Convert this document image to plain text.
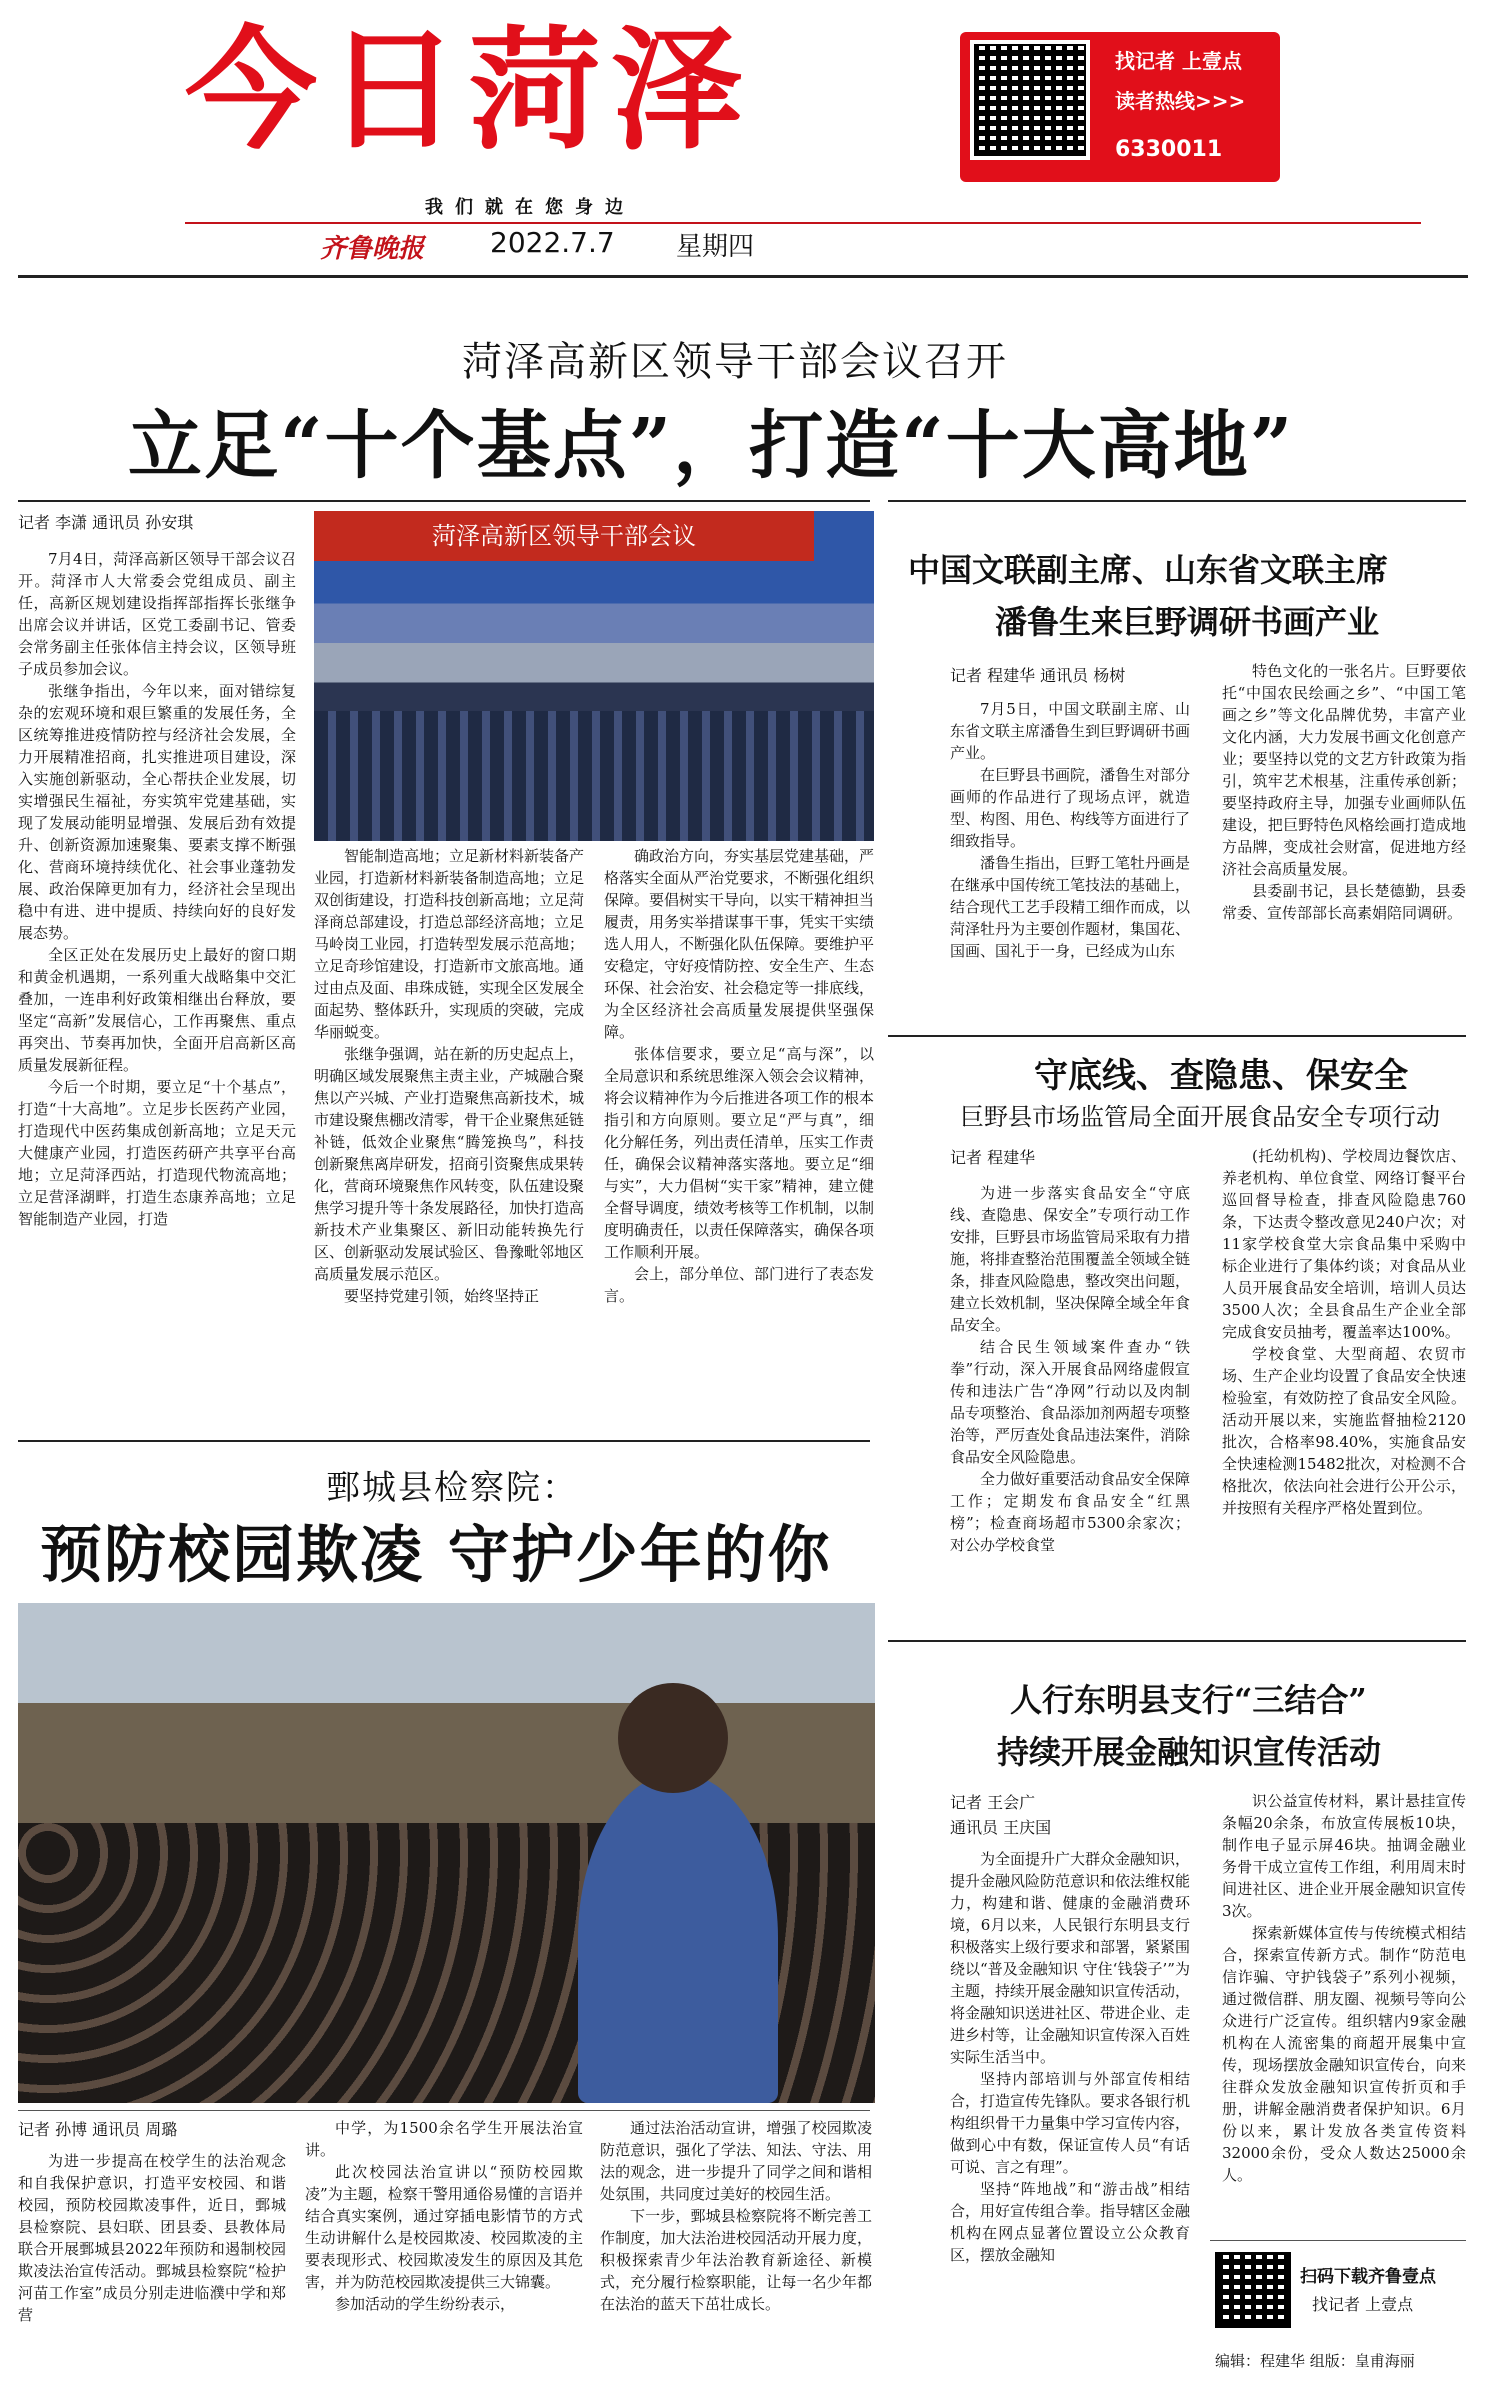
今日菏泽
我们就在您身边
齐鲁晚报 2022.7.7 星期四
找记者 上壹点
读者热线>>>
6330011
菏泽高新区领导干部会议召开
立足“十个基点”，打造“十大高地”
记者 李潇 通讯员 孙安琪	菏泽高新区领导干部会议

7月4日，菏泽高新区领导干部会议召开。菏泽市人大常委会党组成员、副主任，高新区规划建设指挥部指挥长张继争出席会议并讲话，区党工委副书记、管委会常务副主任张体信主持会议，区领导班子成员参加会议。

张继争指出，今年以来，面对错综复杂的宏观环境和艰巨繁重的发展任务，全区统筹推进疫情防控与经济社会发展，全力开展精准招商，扎实推进项目建设，深入实施创新驱动，全心帮扶企业发展，切实增强民生福祉，夯实筑牢党建基础，实现了发展动能明显增强、发展后劲有效提升、创新资源加速聚集、要素支撑不断强化、营商环境持续优化、社会事业蓬勃发展、政治保障更加有力，经济社会呈现出稳中有进、进中提质、持续向好的良好发展态势。

全区正处在发展历史上最好的窗口期和黄金机遇期，一系列重大战略集中交汇叠加，一连串利好政策相继出台释放，要坚定“高新”发展信心，工作再聚焦、重点再突出、节奏再加快，全面开启高新区高质量发展新征程。

今后一个时期，要立足“十个基点”，打造“十大高地”。立足步长医药产业园，打造现代中医药集成创新高地；立足天元大健康产业园，打造医药研产共享平台高地；立足菏泽西站，打造现代物流高地；立足营泽湖畔，打造生态康养高地；立足智能制造产业园，打造

智能制造高地；立足新材料新装备产业园，打造新材料新装备制造高地；立足双创街建设，打造科技创新高地；立足菏泽商总部建设，打造总部经济高地；立足马岭岗工业园，打造转型发展示范高地；立足奇珍馆建设，打造新市文旅高地。通过由点及面、串珠成链，实现全区发展全面起势、整体跃升，实现质的突破，完成华丽蜕变。

张继争强调，站在新的历史起点上，明确区域发展聚焦主责主业，产城融合聚焦以产兴城、产业打造聚焦高新技术，城市建设聚焦棚改清零，骨干企业聚焦延链补链，低效企业聚焦“腾笼换鸟”，科技创新聚焦离岸研发，招商引资聚焦成果转化，营商环境聚焦作风转变，队伍建设聚焦学习提升等十条发展路径，加快打造高新技术产业集聚区、新旧动能转换先行区、创新驱动发展试验区、鲁豫毗邻地区高质量发展示范区。

要坚持党建引领，始终坚持正

确政治方向，夯实基层党建基础，严格落实全面从严治党要求，不断强化组织保障。要倡树实干导向，以实干精神担当履责，用务实举措谋事干事，凭实干实绩选人用人，不断强化队伍保障。要维护平安稳定，守好疫情防控、安全生产、生态环保、社会治安、社会稳定等一排底线，为全区经济社会高质量发展提供坚强保障。

张体信要求，要立足“高与深”，以全局意识和系统思维深入领会会议精神，将会议精神作为今后推进各项工作的根本指引和方向原则。要立足“严与真”，细化分解任务，列出责任清单，压实工作责任，确保会议精神落实落地。要立足“细与实”，大力倡树“实干家”精神，建立健全督导调度，绩效考核等工作机制，以制度明确责任，以责任保障落实，确保各项工作顺利开展。

会上，部分单位、部门进行了表态发言。

鄄城县检察院：
预防校园欺凌 守护少年的你
记者 孙博 通讯员 周璐

为进一步提高在校学生的法治观念和自我保护意识，打造平安校园、和谐校园，预防校园欺凌事件，近日，鄄城县检察院、县妇联、团县委、县教体局联合开展鄄城县2022年预防和遏制校园欺凌法治宣传活动。鄄城县检察院“检护河苗工作室”成员分别走进临濮中学和郑营

中学，为1500余名学生开展法治宣讲。

此次校园法治宣讲以“预防校园欺凌”为主题，检察干警用通俗易懂的言语并结合真实案例，通过穿插电影情节的方式生动讲解什么是校园欺凌、校园欺凌的主要表现形式、校园欺凌发生的原因及其危害，并为防范校园欺凌提供三大锦囊。

参加活动的学生纷纷表示，

通过法治活动宣讲，增强了校园欺凌防范意识，强化了学法、知法、守法、用法的观念，进一步提升了同学之间和谐相处氛围，共同度过美好的校园生活。

下一步，鄄城县检察院将不断完善工作制度，加大法治进校园活动开展力度，积极探索青少年法治教育新途径、新模式，充分履行检察职能，让每一名少年都在法治的蓝天下茁壮成长。

中国文联副主席、山东省文联主席
潘鲁生来巨野调研书画产业
记者 程建华 通讯员 杨树

7月5日，中国文联副主席、山东省文联主席潘鲁生到巨野调研书画产业。

在巨野县书画院，潘鲁生对部分画师的作品进行了现场点评，就造型、构图、用色、构线等方面进行了细致指导。

潘鲁生指出，巨野工笔牡丹画是在继承中国传统工笔技法的基础上，结合现代工艺手段精工细作而成，以菏泽牡丹为主要创作题材，集国花、国画、国礼于一身，已经成为山东

特色文化的一张名片。巨野要依托“中国农民绘画之乡”、“中国工笔画之乡”等文化品牌优势，丰富产业文化内涵，大力发展书画文化创意产业；要坚持以党的文艺方针政策为指引，筑牢艺术根基，注重传承创新；要坚持政府主导，加强专业画师队伍建设，把巨野特色风格绘画打造成地方品牌，变成社会财富，促进地方经济社会高质量发展。

县委副书记，县长楚德勤，县委常委、宣传部部长高素娟陪同调研。

守底线、查隐患、保安全
巨野县市场监管局全面开展食品安全专项行动
记者 程建华

为进一步落实食品安全“守底线、查隐患、保安全”专项行动工作安排，巨野县市场监管局采取有力措施，将排查整治范围覆盖全领域全链条，排查风险隐患，整改突出问题，建立长效机制，坚决保障全域全年食品安全。

结合民生领域案件查办“铁拳”行动，深入开展食品网络虚假宣传和违法广告“净网”行动以及肉制品专项整治、食品添加剂两超专项整治等，严厉查处食品违法案件，消除食品安全风险隐患。

全力做好重要活动食品安全保障工作；定期发布食品安全“红黑榜”；检查商场超市5300余家次；对公办学校食堂

(托幼机构)、学校周边餐饮店、养老机构、单位食堂、网络订餐平台巡回督导检查，排查风险隐患760条，下达责令整改意见240户次；对11家学校食堂大宗食品集中采购中标企业进行了集体约谈；对食品从业人员开展食品安全培训，培训人员达3500人次；全县食品生产企业全部完成食安员抽考，覆盖率达100%。

学校食堂、大型商超、农贸市场、生产企业均设置了食品安全快速检验室，有效防控了食品安全风险。活动开展以来，实施监督抽检2120批次，合格率98.40%，实施食品安全快速检测15482批次，对检测不合格批次，依法向社会进行公开公示，并按照有关程序严格处置到位。

人行东明县支行“三结合”
持续开展金融知识宣传活动
记者 王会广
通讯员 王庆国

为全面提升广大群众金融知识，提升金融风险防范意识和依法维权能力，构建和谐、健康的金融消费环境，6月以来，人民银行东明县支行积极落实上级行要求和部署，紧紧围绕以“普及金融知识 守住‘钱袋子’”为主题，持续开展金融知识宣传活动，将金融知识送进社区、带进企业、走进乡村等，让金融知识宣传深入百姓实际生活当中。

坚持内部培训与外部宣传相结合，打造宣传先锋队。要求各银行机构组织骨干力量集中学习宣传内容，做到心中有数，保证宣传人员“有话可说、言之有理”。

坚持“阵地战”和“游击战”相结合，用好宣传组合拳。指导辖区金融机构在网点显著位置设立公众教育区，摆放金融知

识公益宣传材料，累计悬挂宣传条幅20余条，布放宣传展板10块，制作电子显示屏46块。抽调金融业务骨干成立宣传工作组，利用周末时间进社区、进企业开展金融知识宣传3次。

探索新媒体宣传与传统模式相结合，探索宣传新方式。制作“防范电信诈骗、守护钱袋子”系列小视频，通过微信群、朋友圈、视频号等向公众进行广泛宣传。组织辖内9家金融机构在人流密集的商超开展集中宣传，现场摆放金融知识宣传台，向来往群众发放金融知识宣传折页和手册，讲解金融消费者保护知识。6月份以来，累计发放各类宣传资料32000余份，受众人数达25000余人。

扫码下载齐鲁壹点
找记者 上壹点
编辑：程建华 组版：皇甫海丽
